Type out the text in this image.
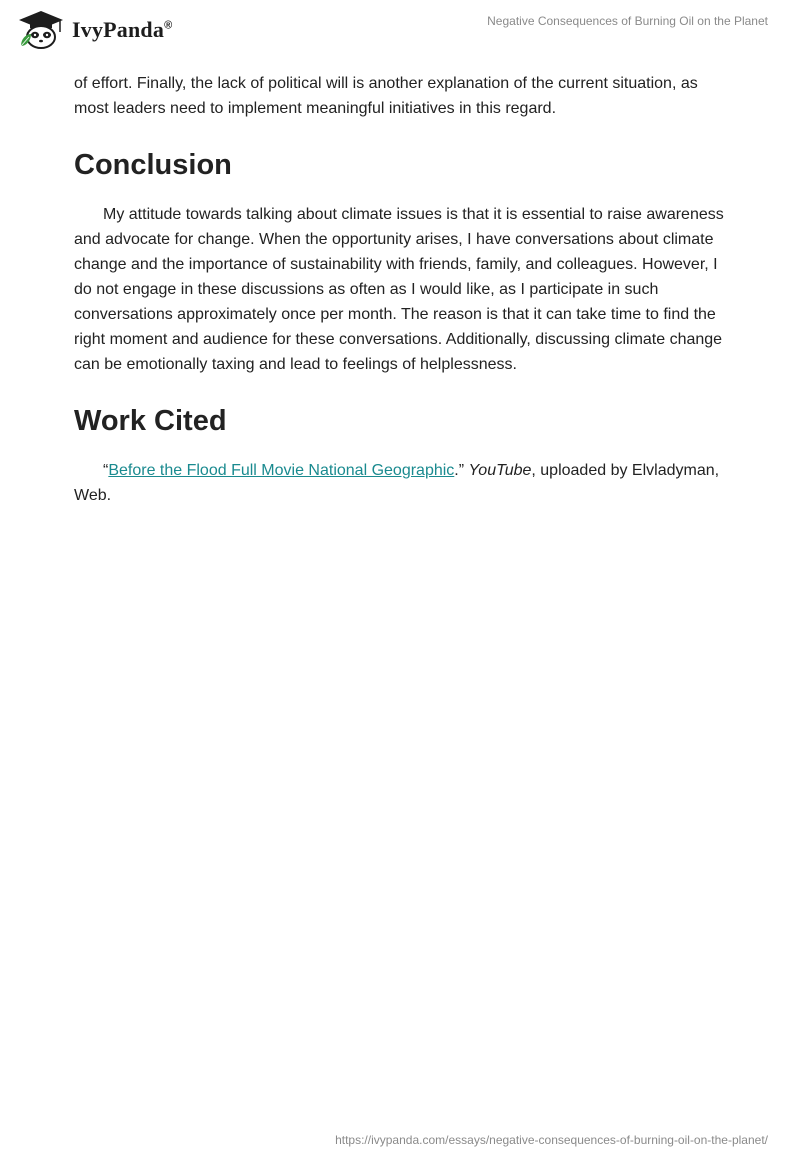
IvyPanda®	Negative Consequences of Burning Oil on the Planet

of effort. Finally, the lack of political will is another explanation of the current situation, as most leaders need to implement meaningful initiatives in this regard.

Conclusion

My attitude towards talking about climate issues is that it is essential to raise awareness and advocate for change. When the opportunity arises, I have conversations about climate change and the importance of sustainability with friends, family, and colleagues. However, I do not engage in these discussions as often as I would like, as I participate in such conversations approximately once per month. The reason is that it can take time to find the right moment and audience for these conversations. Additionally, discussing climate change can be emotionally taxing and lead to feelings of helplessness.

Work Cited

“Before the Flood Full Movie National Geographic.” YouTube, uploaded by Elvladyman, Web.

https://ivypanda.com/essays/negative-consequences-of-burning-oil-on-the-planet/
